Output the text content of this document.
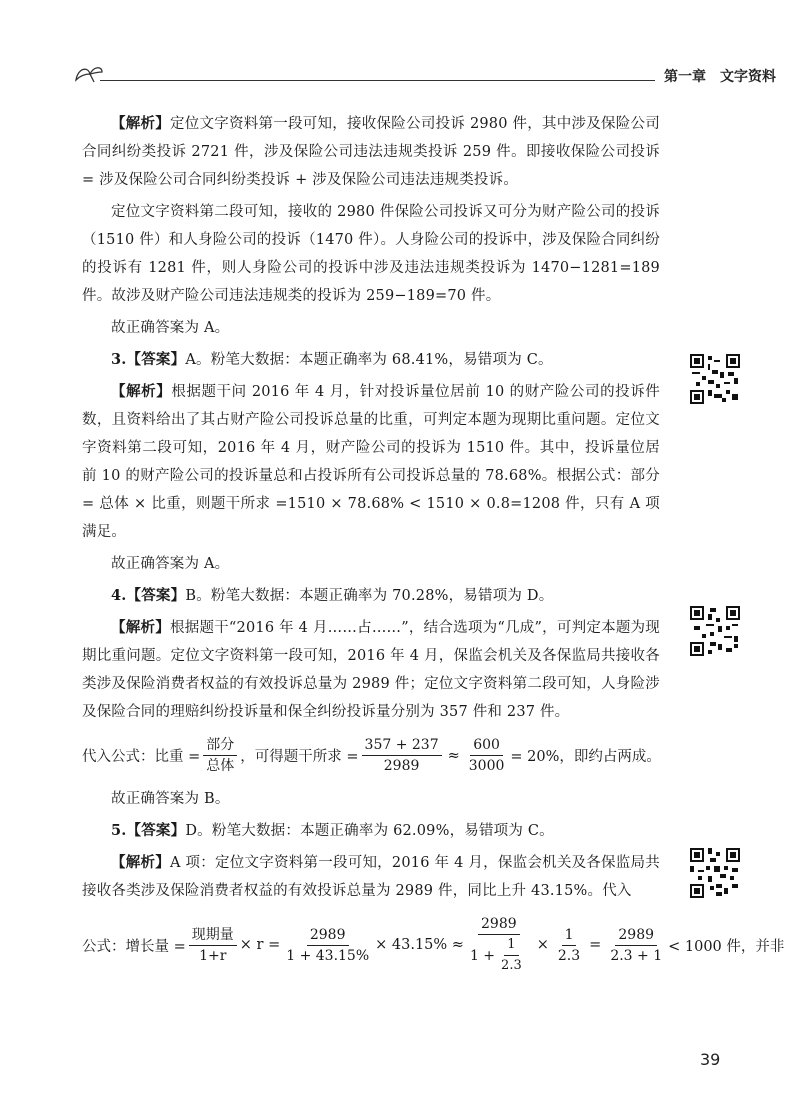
第一章　文字资料

【解析】定位文字资料第一段可知，接收保险公司投诉 2980 件，其中涉及保险公司合同纠纷类投诉 2721 件，涉及保险公司违法违规类投诉 259 件。即接收保险公司投诉 = 涉及保险公司合同纠纷类投诉 + 涉及保险公司违法违规类投诉。

定位文字资料第二段可知，接收的 2980 件保险公司投诉又可分为财产险公司的投诉（1510 件）和人身险公司的投诉（1470 件）。人身险公司的投诉中，涉及保险合同纠纷的投诉有 1281 件，则人身险公司的投诉中涉及违法违规类投诉为 1470−1281=189 件。故涉及财产险公司违法违规类的投诉为 259−189=70 件。

故正确答案为 A。

3.【答案】A。粉笔大数据：本题正确率为 68.41%，易错项为 C。

【解析】根据题干问 2016 年 4 月，针对投诉量位居前 10 的财产险公司的投诉件数，且资料给出了其占财产险公司投诉总量的比重，可判定本题为现期比重问题。定位文字资料第二段可知，2016 年 4 月，财产险公司的投诉为 1510 件。其中，投诉量位居前 10 的财产险公司的投诉量总和占投诉所有公司投诉总量的 78.68%。根据公式：部分 = 总体 × 比重，则题干所求 =1510 × 78.68% < 1510 × 0.8=1208 件，只有 A 项满足。

故正确答案为 A。

4.【答案】B。粉笔大数据：本题正确率为 70.28%，易错项为 D。

【解析】根据题干“2016 年 4 月……占……”，结合选项为“几成”，可判定本题为现期比重问题。定位文字资料第一段可知，2016 年 4 月，保监会机关及各保监局共接收各类涉及保险消费者权益的有效投诉总量为 2989 件；定位文字资料第二段可知，人身险涉及保险合同的理赔纠纷投诉量和保全纠纷投诉量分别为 357 件和 237 件。

代入公式：比重 = $\frac{\text{部分}}{\text{总体}}$ ，可得题干所求 = $\frac{357 + 237}{2989} \approx \frac{600}{3000} = 20\%$，即约占两成。

故正确答案为 B。

5.【答案】D。粉笔大数据：本题正确率为 62.09%，易错项为 C。

【解析】A 项：定位文字资料第一段可知，2016 年 4 月，保监会机关及各保监局共接收各类涉及保险消费者权益的有效投诉总量为 2989 件，同比上升 43.15%。代入

公式：增长量 = $\frac{\text{现期量}}{1+r} \times r = \frac{2989}{1 + 43.15\%} \times 43.15\% \approx \frac{2989}{1 + \frac{1}{2.3}} \times \frac{1}{2.3} = \frac{2989}{2.3 + 1} < 1000$ 件，并非
39
